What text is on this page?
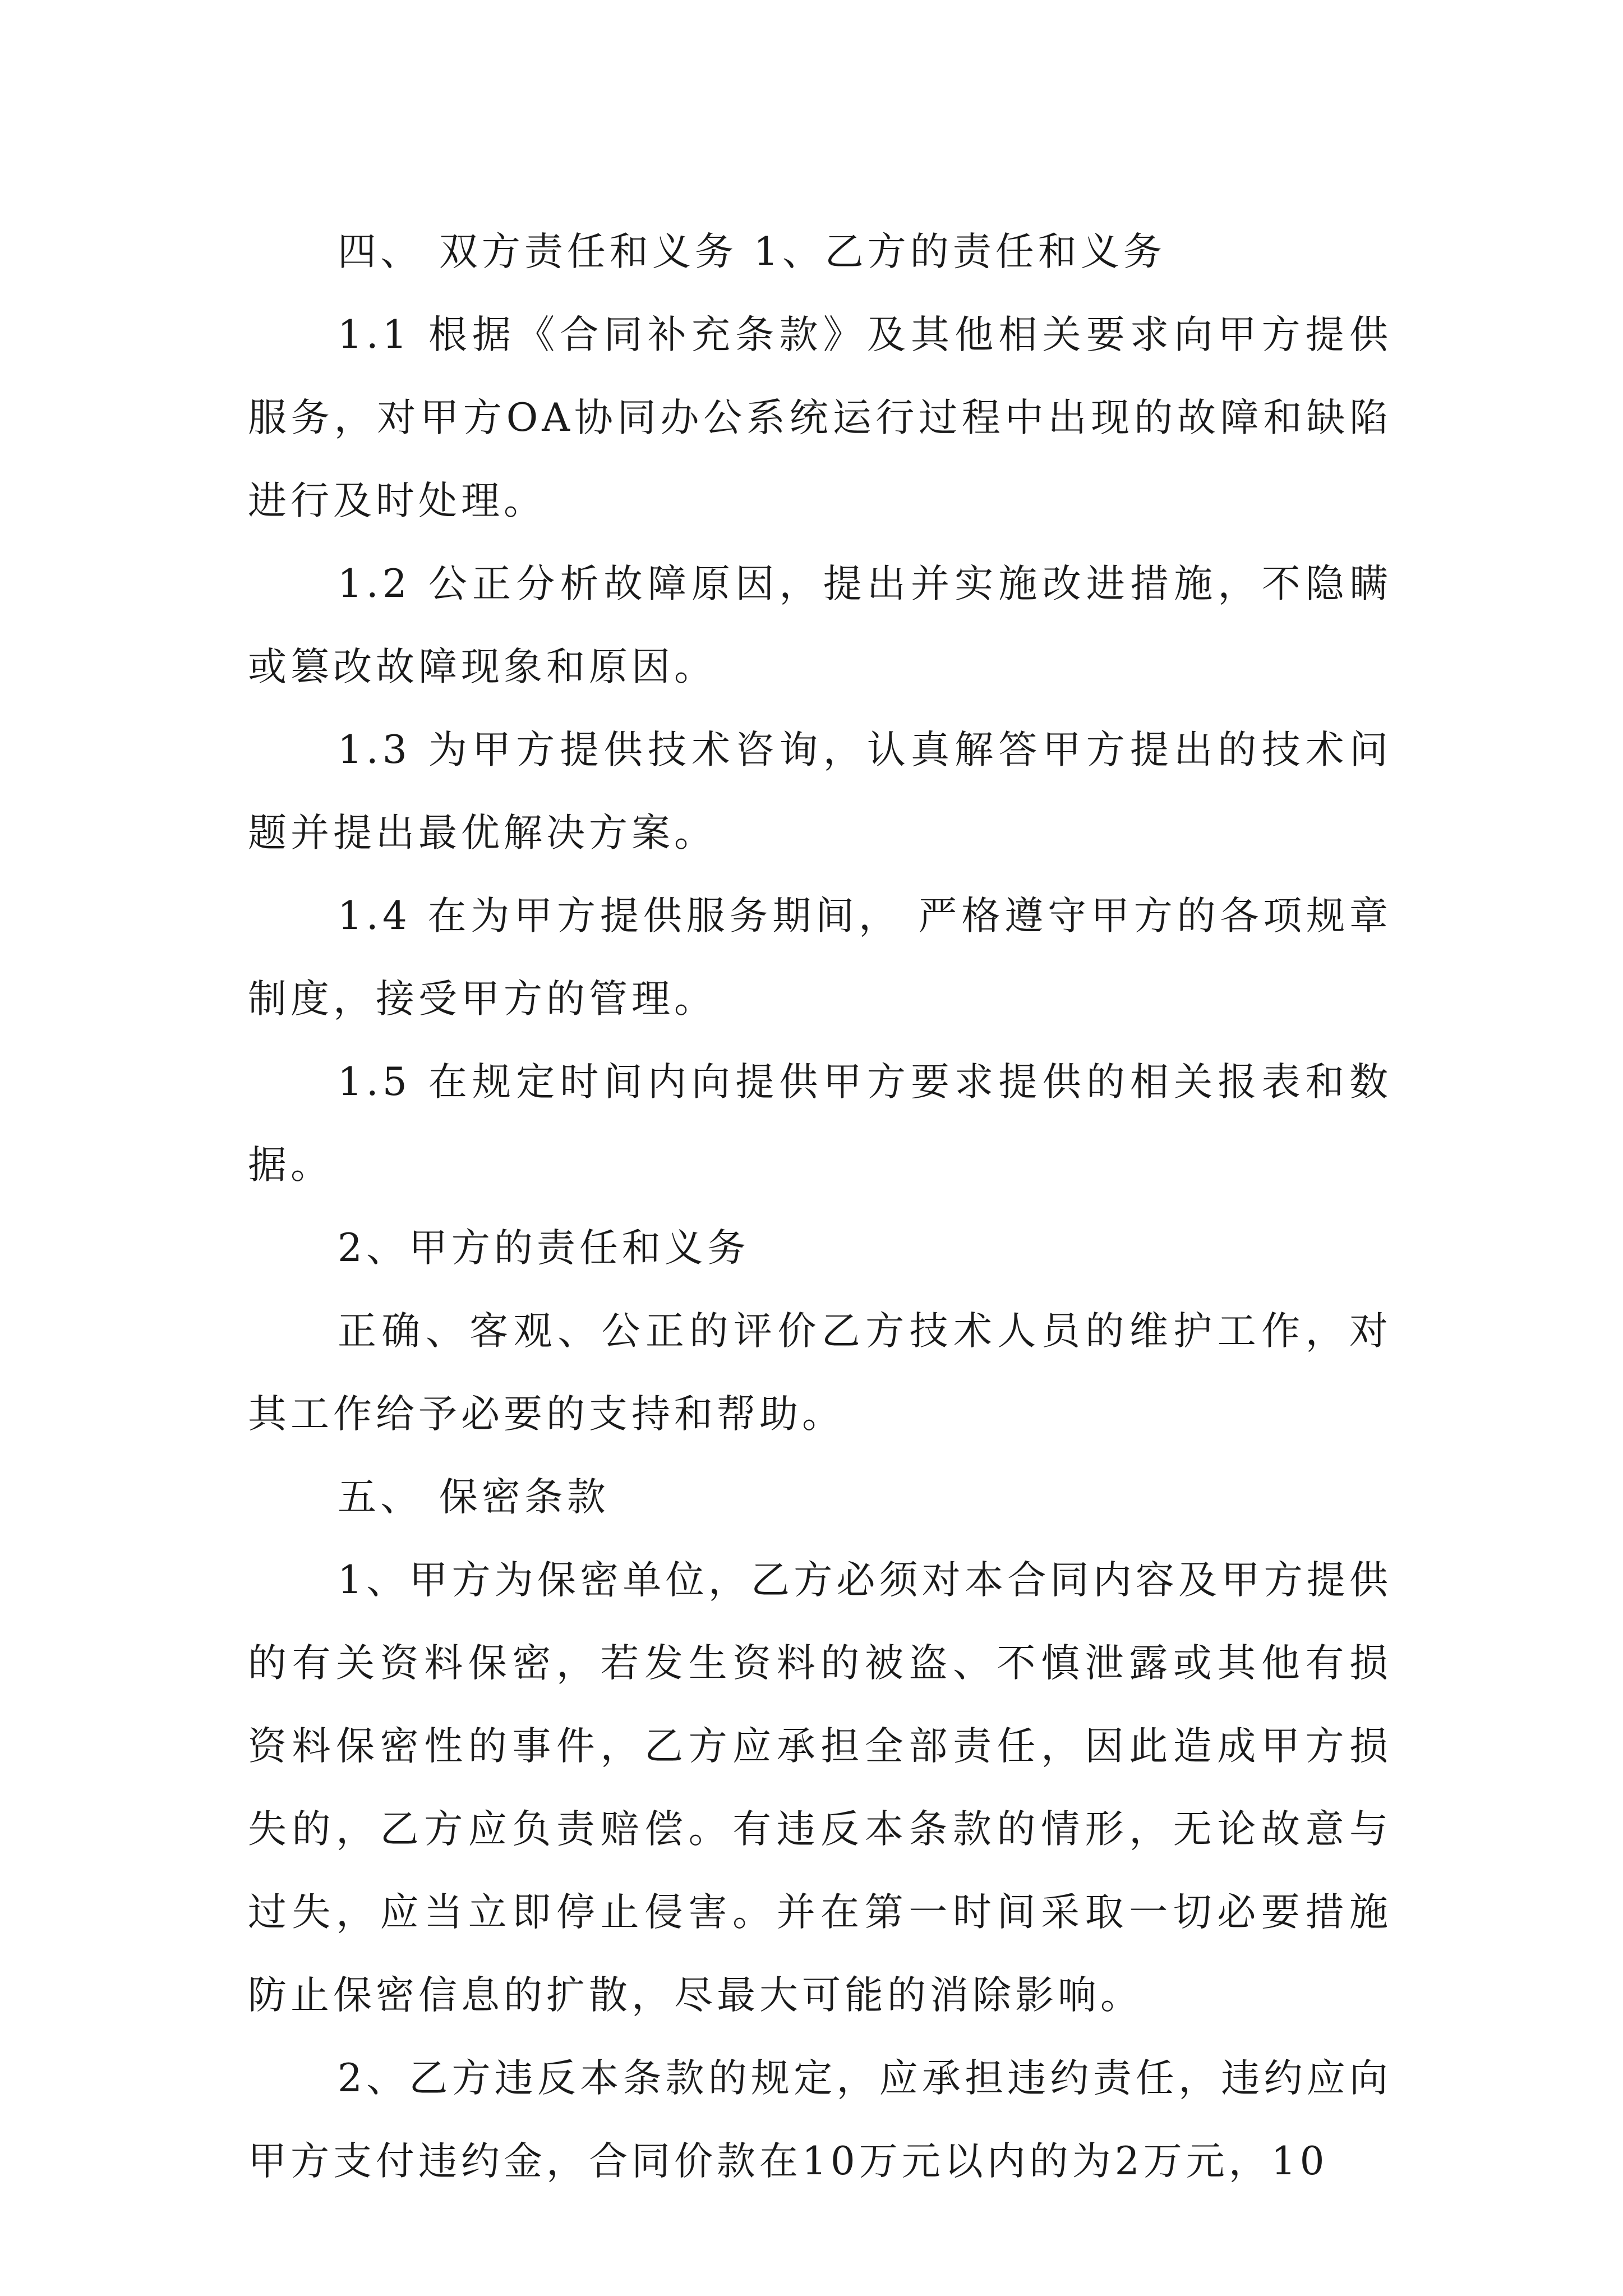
四、 双方责任和义务 1、乙方的责任和义务

1.1 根据《合同补充条款》及其他相关要求向甲方提供服务，对甲方OA协同办公系统运行过程中出现的故障和缺陷进行及时处理。

1.2 公正分析故障原因，提出并实施改进措施，不隐瞒或篡改故障现象和原因。

1.3 为甲方提供技术咨询，认真解答甲方提出的技术问题并提出最优解决方案。

1.4 在为甲方提供服务期间， 严格遵守甲方的各项规章制度，接受甲方的管理。

1.5 在规定时间内向提供甲方要求提供的相关报表和数据。

2、甲方的责任和义务

正确、客观、公正的评价乙方技术人员的维护工作，对其工作给予必要的支持和帮助。

五、 保密条款

1、甲方为保密单位，乙方必须对本合同内容及甲方提供的有关资料保密，若发生资料的被盗、不慎泄露或其他有损资料保密性的事件，乙方应承担全部责任，因此造成甲方损失的，乙方应负责赔偿。有违反本条款的情形，无论故意与过失，应当立即停止侵害。并在第一时间采取一切必要措施防止保密信息的扩散，尽最大可能的消除影响。

2、乙方违反本条款的规定，应承担违约责任，违约应向甲方支付违约金，合同价款在10万元以内的为2万元，10
